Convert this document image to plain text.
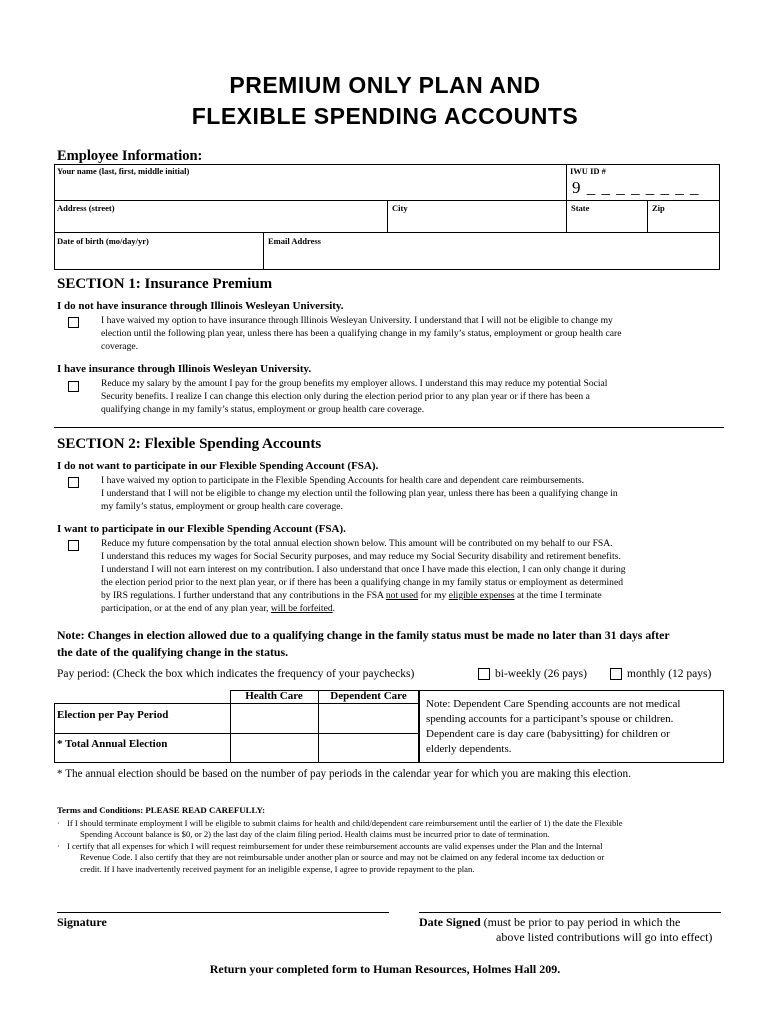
PREMIUM ONLY PLAN AND
FLEXIBLE SPENDING ACCOUNTS
Employee Information:
Your name (last, first, middle initial)	IWU ID #
9 _ _ _ _ _ _ _ _
Address (street)	City	State	Zip
Date of birth (mo/day/yr)	Email Address
SECTION 1: Insurance Premium
I do not have insurance through Illinois Wesleyan University.
I have waived my option to have insurance through Illinois Wesleyan University. I understand that I will not be eligible to change my
election until the following plan year, unless there has been a qualifying change in my family’s status, employment or group health care
coverage.
I have insurance through Illinois Wesleyan University.
Reduce my salary by the amount I pay for the group benefits my employer allows. I understand this may reduce my potential Social
Security benefits. I realize I can change this election only during the election period prior to any plan year or if there has been a
qualifying change in my family’s status, employment or group health care coverage.
SECTION 2: Flexible Spending Accounts
I do not want to participate in our Flexible Spending Account (FSA).
I have waived my option to participate in the Flexible Spending Accounts for health care and dependent care reimbursements.
I understand that I will not be eligible to change my election until the following plan year, unless there has been a qualifying change in
my family’s status, employment or group health care coverage.
I want to participate in our Flexible Spending Account (FSA).
Reduce my future compensation by the total annual election shown below. This amount will be contributed on my behalf to our FSA.
I understand this reduces my wages for Social Security purposes, and may reduce my Social Security disability and retirement benefits.
I understand I will not earn interest on my contribution. I also understand that once I have made this election, I can only change it during
the election period prior to the next plan year, or if there has been a qualifying change in my family status or employment as determined
by IRS regulations. I further understand that any contributions in the FSA not used for my eligible expenses at the time I terminate
participation, or at the end of any plan year, will be forfeited.
Note: Changes in election allowed due to a qualifying change in the family status must be made no later than 31 days after
the date of the qualifying change in the status.
Pay period: (Check the box which indicates the frequency of your paychecks)	bi-weekly (26 pays)	monthly (12 pays)
Health Care	Dependent Care
Election per Pay Period
* Total Annual Election
Note: Dependent Care Spending accounts are not medical
spending accounts for a participant’s spouse or children.
Dependent care is day care (babysitting) for children or
elderly dependents.
* The annual election should be based on the number of pay periods in the calendar year for which you are making this election.
Terms and Conditions: PLEASE READ CAREFULLY:
· If I should terminate employment I will be eligible to submit claims for health and child/dependent care reimbursement until the earlier of 1) the date the Flexible
Spending Account balance is $0, or 2) the last day of the claim filing period. Health claims must be incurred prior to date of termination.
· I certify that all expenses for which I will request reimbursement for under these reimbursement accounts are valid expenses under the Plan and the Internal
Revenue Code. I also certify that they are not reimbursable under another plan or source and may not be claimed on any federal income tax deduction or
credit. If I have inadvertently received payment for an ineligible expense, I agree to provide repayment to the plan.
Signature	Date Signed (must be prior to pay period in which the
above listed contributions will go into effect)
Return your completed form to Human Resources, Holmes Hall 209.
